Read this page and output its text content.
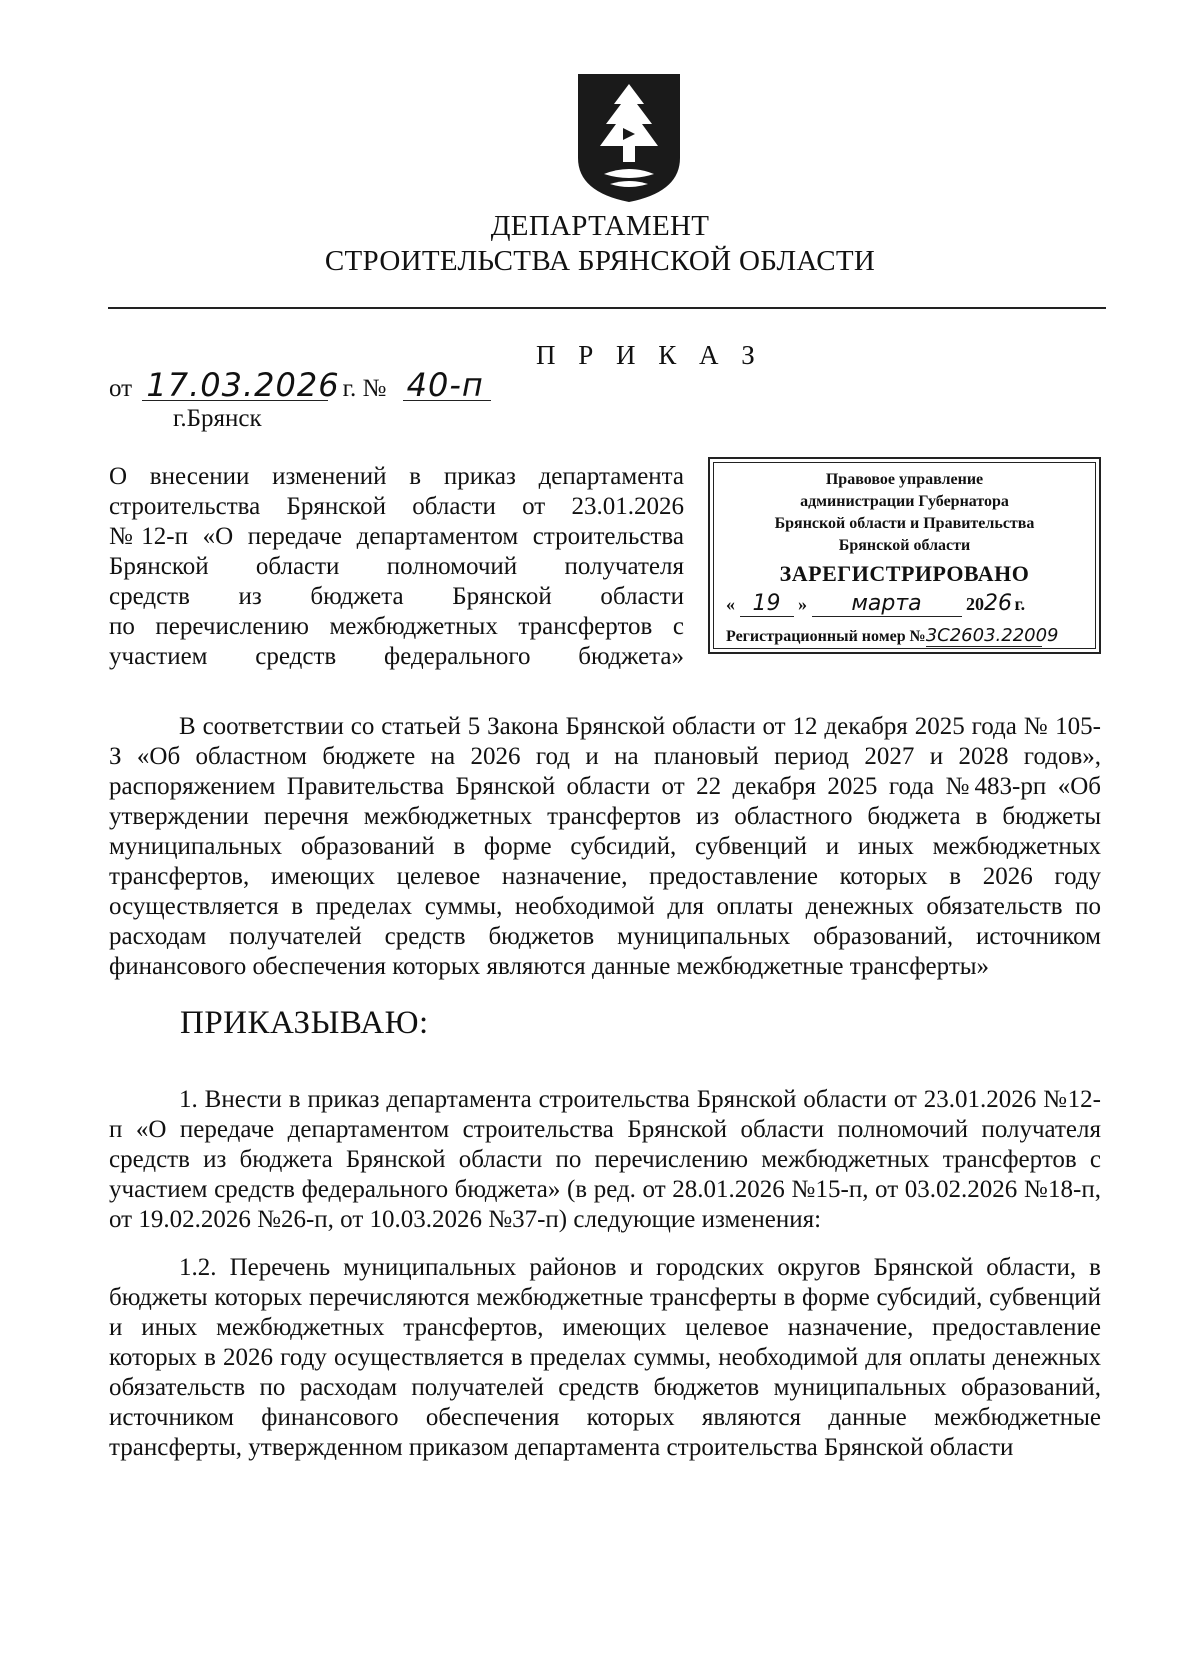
ДЕПАРТАМЕНТ
СТРОИТЕЛЬСТВА БРЯНСКОЙ ОБЛАСТИ
П Р И К А З
от 17.03.2026 г. № 40-п
г.Брянск
О внесении изменений в приказ департамента
строительства Брянской области от 23.01.2026
№12-п «О передаче департаментом строительства
Брянской области полномочий получателя
средств из бюджета Брянской области
по перечислению межбюджетных трансфертов с
участием средств федерального бюджета»
Правовое управление
администрации Губернатора
Брянской области и Правительства
Брянской области
ЗАРЕГИСТРИРОВАНО
« 19 » марта 2026 г.
Регистрационный номер №3С2603.22009

В соответствии со статьей 5 Закона Брянской области от 12 декабря 2025 года № 105-З «Об областном бюджете на 2026 год и на плановый период 2027 и 2028 годов», распоряжением Правительства Брянской области от 22 декабря 2025 года №483-рп «Об утверждении перечня межбюджетных трансфертов из областного бюджета в бюджеты муниципальных образований в форме субсидий, субвенций и иных межбюджетных трансфертов, имеющих целевое назначение, предоставление которых в 2026 году осуществляется в пределах суммы, необходимой для оплаты денежных обязательств по расходам получателей средств бюджетов муниципальных образований, источником финансового обеспечения которых являются данные межбюджетные трансферты»

ПРИКАЗЫВАЮ:

1. Внести в приказ департамента строительства Брянской области от 23.01.2026 №12-п «О передаче департаментом строительства Брянской области полномочий получателя средств из бюджета Брянской области по перечислению межбюджетных трансфертов с участием средств федерального бюджета» (в ред. от 28.01.2026 №15-п, от 03.02.2026 №18-п, от 19.02.2026 №26-п, от 10.03.2026 №37-п) следующие изменения:

1.2. Перечень муниципальных районов и городских округов Брянской области, в бюджеты которых перечисляются межбюджетные трансферты в форме субсидий, субвенций и иных межбюджетных трансфертов, имеющих целевое назначение, предоставление которых в 2026 году осуществляется в пределах суммы, необходимой для оплаты денежных обязательств по расходам получателей средств бюджетов муниципальных образований, источником финансового обеспечения которых являются данные межбюджетные трансферты, утвержденном приказом департамента строительства Брянской области
